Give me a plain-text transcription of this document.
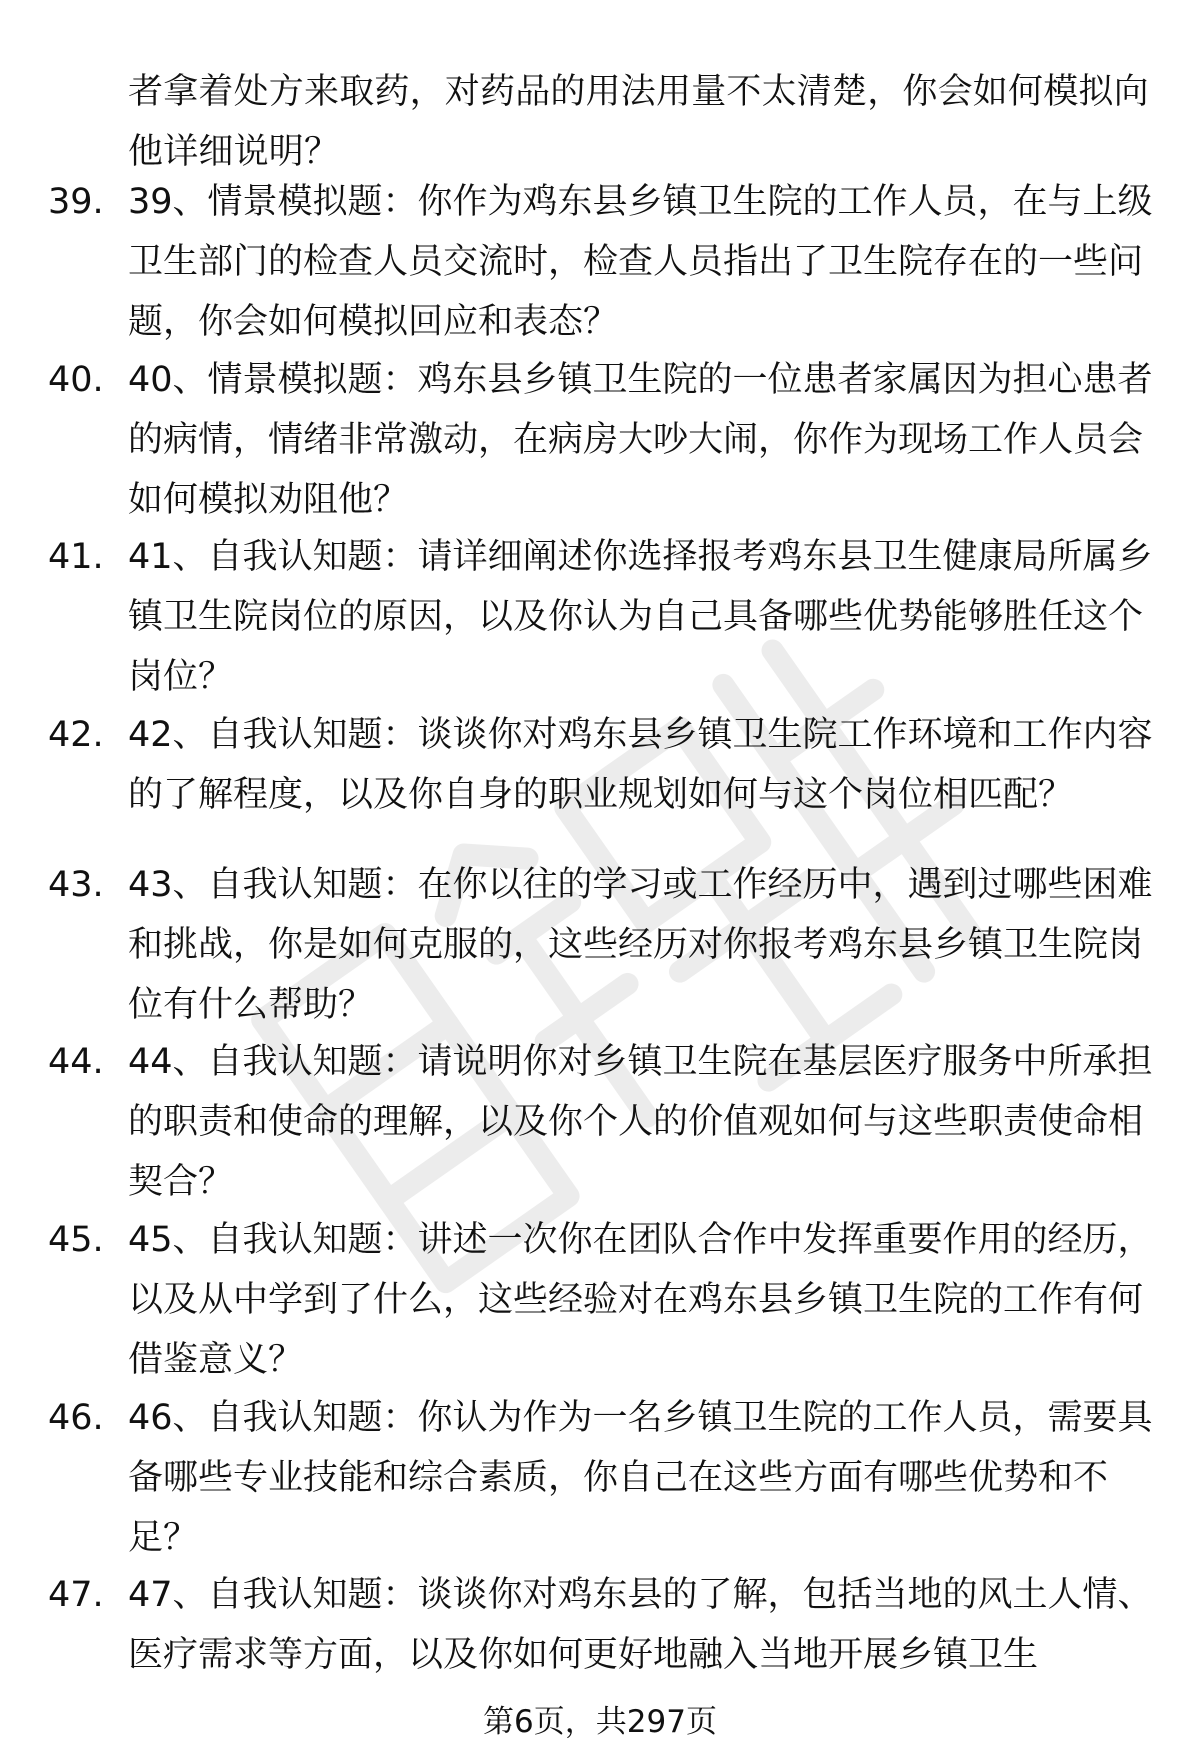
者拿着处方来取药，对药品的用法用量不太清楚，你会如何模拟向他详细说明？
39. 39、情景模拟题：你作为鸡东县乡镇卫生院的工作人员，在与上级卫生部门的检查人员交流时，检查人员指出了卫生院存在的一些问题，你会如何模拟回应和表态？
40. 40、情景模拟题：鸡东县乡镇卫生院的一位患者家属因为担心患者的病情，情绪非常激动，在病房大吵大闹，你作为现场工作人员会如何模拟劝阻他？
41. 41、自我认知题：请详细阐述你选择报考鸡东县卫生健康局所属乡镇卫生院岗位的原因，以及你认为自己具备哪些优势能够胜任这个岗位？
42. 42、自我认知题：谈谈你对鸡东县乡镇卫生院工作环境和工作内容的了解程度，以及你自身的职业规划如何与这个岗位相匹配？
43. 43、自我认知题：在你以往的学习或工作经历中，遇到过哪些困难和挑战，你是如何克服的，这些经历对你报考鸡东县乡镇卫生院岗位有什么帮助？
44. 44、自我认知题：请说明你对乡镇卫生院在基层医疗服务中所承担的职责和使命的理解，以及你个人的价值观如何与这些职责使命相契合？
45. 45、自我认知题：讲述一次你在团队合作中发挥重要作用的经历，以及从中学到了什么，这些经验对在鸡东县乡镇卫生院的工作有何借鉴意义？
46. 46、自我认知题：你认为作为一名乡镇卫生院的工作人员，需要具备哪些专业技能和综合素质，你自己在这些方面有哪些优势和不足？
47. 47、自我认知题：谈谈你对鸡东县的了解，包括当地的风土人情、医疗需求等方面，以及你如何更好地融入当地开展乡镇卫生
第6页，共297页
